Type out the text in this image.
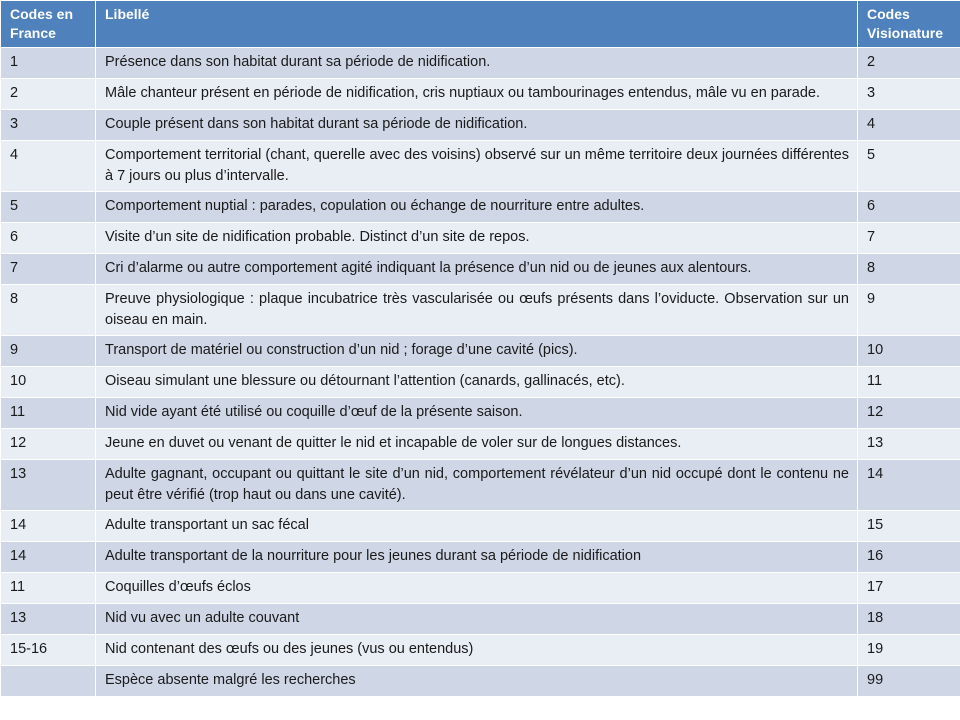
Codes en France	Libellé	Codes Visionature
1	Présence dans son habitat durant sa période de nidification.	2
2	Mâle chanteur présent en période de nidification, cris nuptiaux ou tambourinages entendus, mâle vu en parade.	3
3	Couple présent dans son habitat durant sa période de nidification.	4
4	Comportement territorial (chant, querelle avec des voisins) observé sur un même territoire deux journées différentes à 7 jours ou plus d’intervalle.	5
5	Comportement nuptial : parades, copulation ou échange de nourriture entre adultes.	6
6	Visite d’un site de nidification probable. Distinct d’un site de repos.	7
7	Cri d’alarme ou autre comportement agité indiquant la présence d’un nid ou de jeunes aux alentours.	8
8	Preuve physiologique : plaque incubatrice très vascularisée ou œufs présents dans l’oviducte. Observation sur un oiseau en main.	9
9	Transport de matériel ou construction d’un nid ; forage d’une cavité (pics).	10
10	Oiseau simulant une blessure ou détournant l’attention (canards, gallinacés, etc).	11
11	Nid vide ayant été utilisé ou coquille d’œuf de la présente saison.	12
12	Jeune en duvet ou venant de quitter le nid et incapable de voler sur de longues distances.	13
13	Adulte gagnant, occupant ou quittant le site d’un nid, comportement révélateur d’un nid occupé dont le contenu ne peut être vérifié (trop haut ou dans une cavité).	14
14	Adulte transportant un sac fécal	15
14	Adulte transportant de la nourriture pour les jeunes durant sa période de nidification	16
11	Coquilles d’œufs éclos	17
13	Nid vu avec un adulte couvant	18
15-16	Nid contenant des œufs ou des jeunes (vus ou entendus)	19
	Espèce absente malgré les recherches	99
